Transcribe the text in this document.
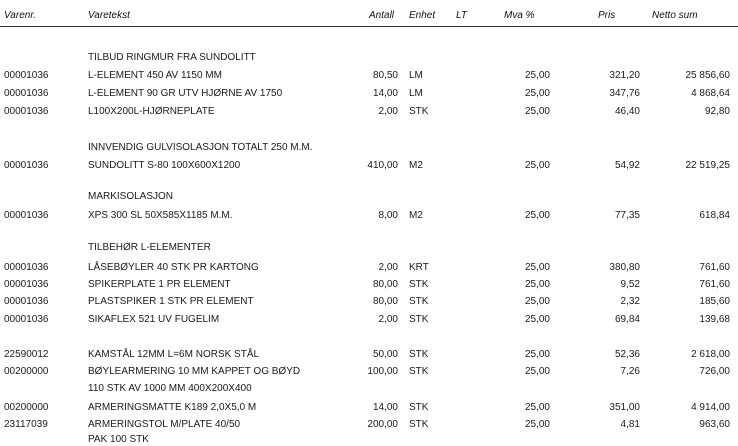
Varenr.	Varetekst	Antall Enhet LT	Mva %	Pris	Netto sum
TILBUD RINGMUR FRA SUNDOLITT
00001036	L-ELEMENT 450 AV 1150 MM	80,50 LM	25,00	321,20	25 856,60
00001036	L-ELEMENT 90 GR UTV HJØRNE AV 1750	14,00 LM	25,00	347,76	4 868,64
00001036	L100X200L-HJØRNEPLATE	2,00 STK	25,00	46,40	92,80
INNVENDIG GULVISOLASJON TOTALT 250 M.M.
00001036	SUNDOLITT S-80 100X600X1200	410,00 M2	25,00	54,92	22 519,25
MARKISOLASJON
00001036	XPS 300 SL 50X585X1185 M.M.	8,00 M2	25,00	77,35	618,84
TILBEHØR L-ELEMENTER
00001036	LÅSEBØYLER 40 STK PR KARTONG	2,00 KRT	25,00	380,80	761,60
00001036	SPIKERPLATE 1 PR ELEMENT	80,00 STK	25,00	9,52	761,60
00001036	PLASTSPIKER 1 STK PR ELEMENT	80,00 STK	25,00	2,32	185,60
00001036	SIKAFLEX 521 UV FUGELIM	2,00 STK	25,00	69,84	139,68
22590012	KAMSTÅL 12MM L=6M NORSK STÅL	50,00 STK	25,00	52,36	2 618,00
00200000	BØYLEARMERING 10 MM KAPPET OG BØYD	100,00 STK	25,00	7,26	726,00
110 STK AV 1000 MM 400X200X400
00200000	ARMERINGSMATTE K189 2,0X5,0 M	14,00 STK	25,00	351,00	4 914,00
23117039	ARMERINGSTOL M/PLATE 40/50	200,00 STK	25,00	4,81	963,60
PAK 100 STK
